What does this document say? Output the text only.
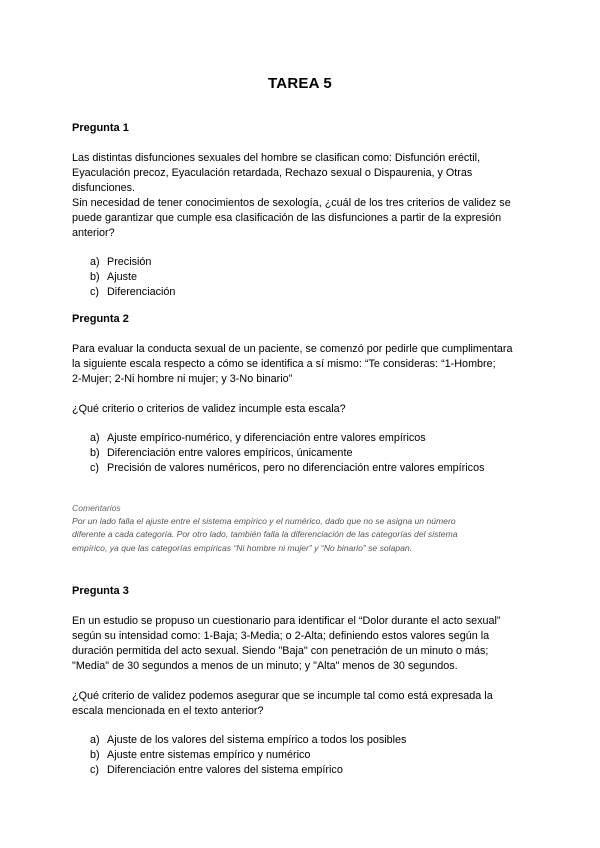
TAREA 5
Pregunta 1

Las distintas disfunciones sexuales del hombre se clasifican como: Disfunción eréctil,
Eyaculación precoz, Eyaculación retardada, Rechazo sexual o Dispaurenia, y Otras
disfunciones.
Sin necesidad de tener conocimientos de sexología, ¿cuál de los tres criterios de validez se
puede garantizar que cumple esa clasificación de las disfunciones a partir de la expresión
anterior?

a) Precisión
b) Ajuste
c) Diferenciación
Pregunta 2

Para evaluar la conducta sexual de un paciente, se comenzó por pedirle que cumplimentara
la siguiente escala respecto a cómo se identifica a sí mismo: “Te consideras: “1-Hombre;
2-Mujer; 2-Ni hombre ni mujer; y 3-No binario”

¿Qué criterio o criterios de validez incumple esta escala?

a) Ajuste empírico-numérico, y diferenciación entre valores empíricos
b) Diferenciación entre valores empíricos, únicamente
c) Precisión de valores numéricos, pero no diferenciación entre valores empíricos
Comentarios
Por un lado falla el ajuste entre el sistema empírico y el numérico, dado que no se asigna un número
diferente a cada categoría. Por otro lado, también falla la diferenciación de las categorías del sistema
empírico, ya que las categorías empíricas “Ni hombre ni mujer” y “No binario” se solapan.
Pregunta 3

En un estudio se propuso un cuestionario para identificar el “Dolor durante el acto sexual”
según su intensidad como: 1-Baja; 3-Media; o 2-Alta; definiendo estos valores según la
duración permitida del acto sexual. Siendo "Baja" con penetración de un minuto o más;
"Media" de 30 segundos a menos de un minuto; y "Alta" menos de 30 segundos.

¿Qué criterio de validez podemos asegurar que se incumple tal como está expresada la
escala mencionada en el texto anterior?

a) Ajuste de los valores del sistema empírico a todos los posibles
b) Ajuste entre sistemas empírico y numérico
c) Diferenciación entre valores del sistema empírico
